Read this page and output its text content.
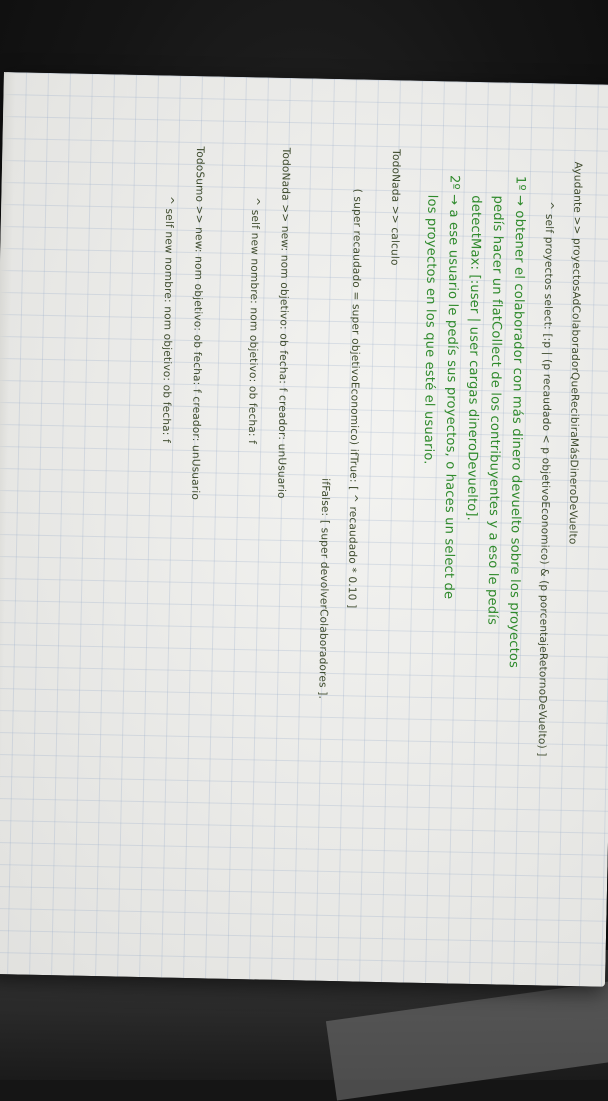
Ayudante >> proyectosAdColaboradorQueRecibiraMásDineroDeVuelto
^ self proyectos select: [:p | (p recaudado < p objetivoEconomico) & (p porcentajeRetornoDeVuelto) ]
1º → obtener el colaborador con más dinero devuelto sobre los proyectos
pedís hacer un flatCollect de los contribuyentes y a eso le pedís
detectMax: [:user | user cargas dineroDevuelto].
2º → a ese usuario le pedís sus proyectos, o haces un select de
los proyectos en los que esté el usuario.
TodoNada >> calculo
( super recaudado = super objetivoEconomico) ifTrue: [ ^ recaudado * 0.10 ]
ifFalse: [ super devolverColaboradores ].
TodoNada >> new: nom objetivo: ob fecha: f creador: unUsuario
^ self new nombre: nom objetivo: ob fecha: f
TodoSumo >> new: nom objetivo: ob fecha: f creador: unUsuario
^ self new nombre: nom objetivo: ob fecha: f
